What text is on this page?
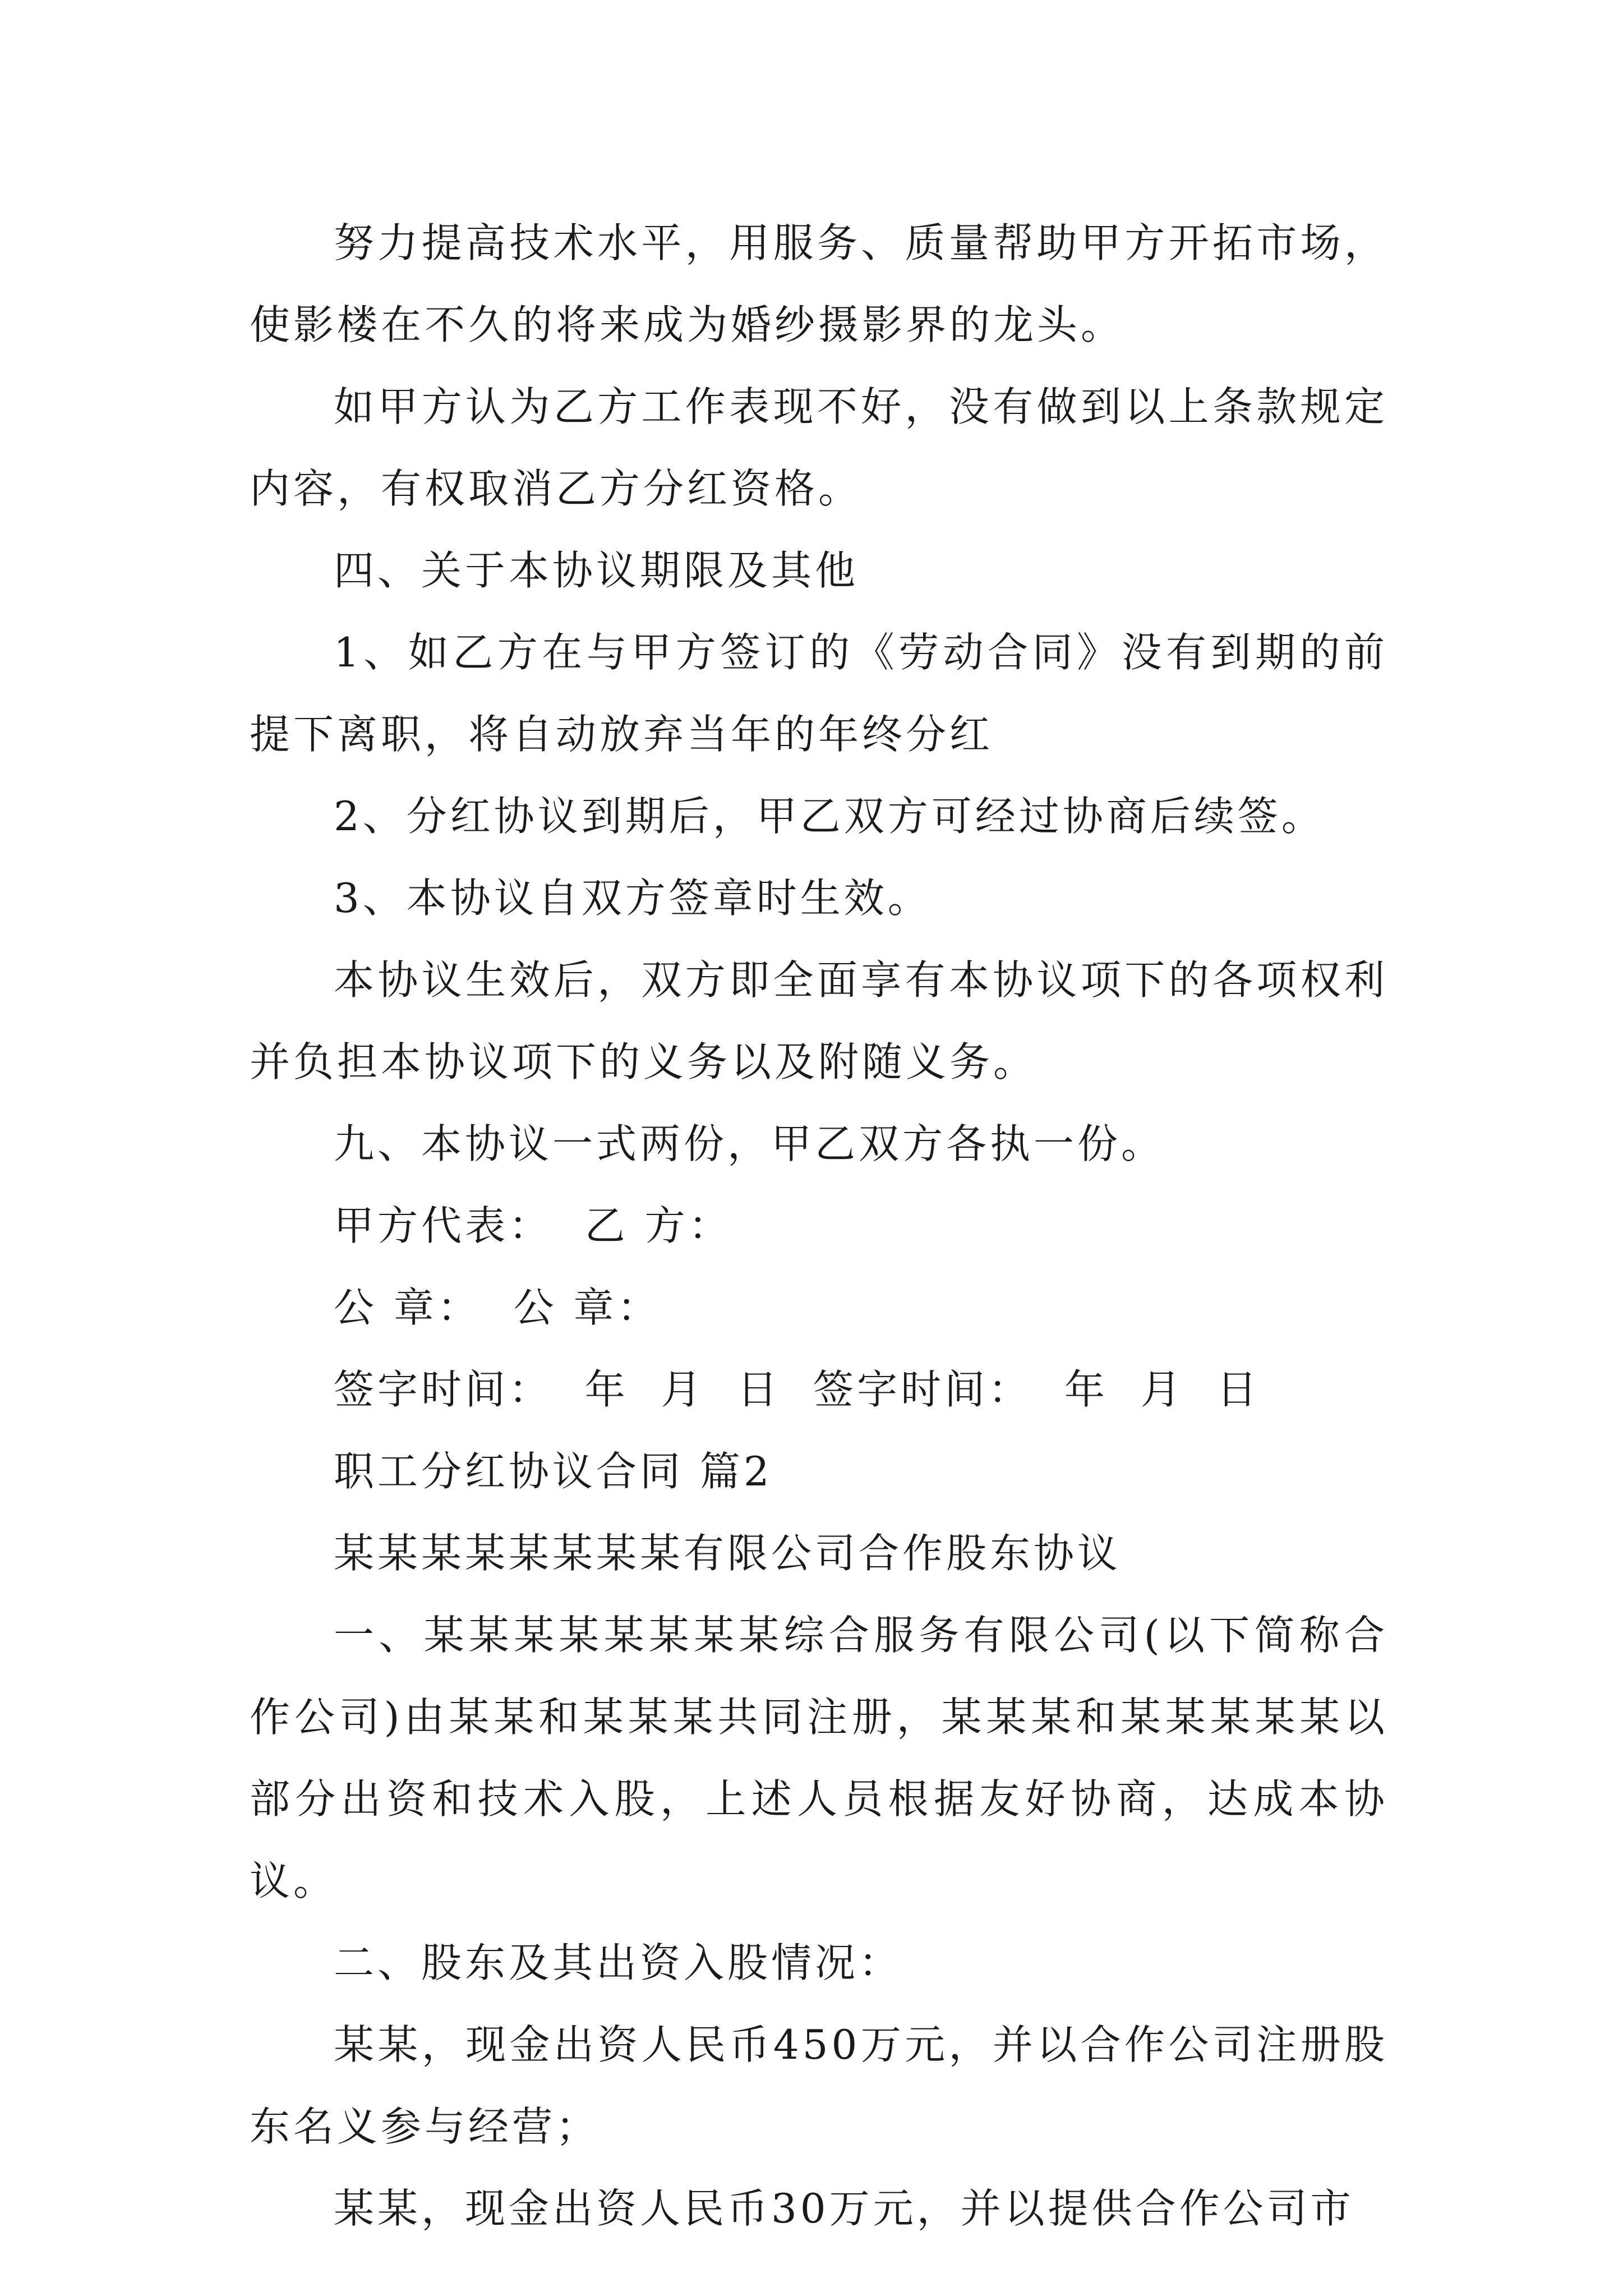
努力提高技术水平，用服务、质量帮助甲方开拓市场，使影楼在不久的将来成为婚纱摄影界的龙头。

如甲方认为乙方工作表现不好，没有做到以上条款规定内容，有权取消乙方分红资格。

四、关于本协议期限及其他

1、如乙方在与甲方签订的《劳动合同》没有到期的前提下离职，将自动放弃当年的年终分红

2、分红协议到期后，甲乙双方可经过协商后续签。

3、本协议自双方签章时生效。

本协议生效后，双方即全面享有本协议项下的各项权利并负担本协议项下的义务以及附随义务。

九、本协议一式两份，甲乙双方各执一份。

甲方代表：  乙 方：

公 章：  公 章：

签字时间：  年  月  日  签字时间：  年  月  日

职工分红协议合同 篇2

某某某某某某某某有限公司合作股东协议

一、某某某某某某某某综合服务有限公司(以下简称合作公司)由某某和某某某共同注册，某某某和某某某某某以部分出资和技术入股，上述人员根据友好协商，达成本协议。

二、股东及其出资入股情况：

某某，现金出资人民币450万元，并以合作公司注册股东名义参与经营；

某某，现金出资人民币30万元，并以提供合作公司市
